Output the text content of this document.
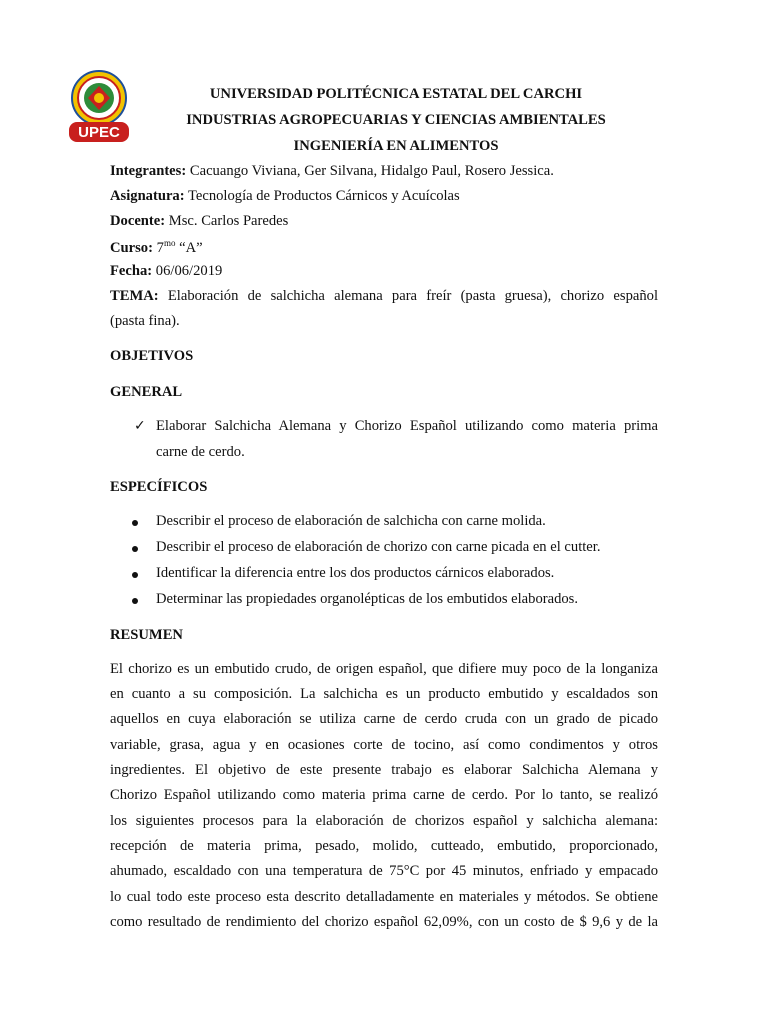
UPEC
UNIVERSIDAD POLITÉCNICA ESTATAL DEL CARCHI
INDUSTRIAS AGROPECUARIAS Y CIENCIAS AMBIENTALES
INGENIERÍA EN ALIMENTOS
Integrantes: Cacuango Viviana, Ger Silvana, Hidalgo Paul, Rosero Jessica.
Asignatura: Tecnología de Productos Cárnicos y Acuícolas
Docente: Msc. Carlos Paredes
Curso: $7^{mo}$ “A”
Fecha: 06/06/2019
TEMA: Elaboración de salchicha alemana para freír (pasta gruesa), chorizo español
(pasta fina).
OBJETIVOS
GENERAL
✓ Elaborar Salchicha Alemana y Chorizo Español utilizando como materia prima
carne de cerdo.
ESPECÍFICOS
Describir el proceso de elaboración de salchicha con carne molida.
Describir el proceso de elaboración de chorizo con carne picada en el cutter.
Identificar la diferencia entre los dos productos cárnicos elaborados.
Determinar las propiedades organolépticas de los embutidos elaborados.
RESUMEN
El chorizo es un embutido crudo, de origen español, que difiere muy poco de la longaniza
en cuanto a su composición. La salchicha es un producto embutido y escaldados son
aquellos en cuya elaboración se utiliza carne de cerdo cruda con un grado de picado
variable, grasa, agua y en ocasiones corte de tocino, así como condimentos y otros
ingredientes. El objetivo de este presente trabajo es elaborar Salchicha Alemana y
Chorizo Español utilizando como materia prima carne de cerdo. Por lo tanto, se realizó
los siguientes procesos para la elaboración de chorizos español y salchicha alemana:
recepción de materia prima, pesado, molido, cutteado, embutido, proporcionado,
ahumado, escaldado con una temperatura de 75°C por 45 minutos, enfriado y empacado
lo cual todo este proceso esta descrito detalladamente en materiales y métodos. Se obtiene
como resultado de rendimiento del chorizo español 62,09%, con un costo de $ 9,6 y de la
